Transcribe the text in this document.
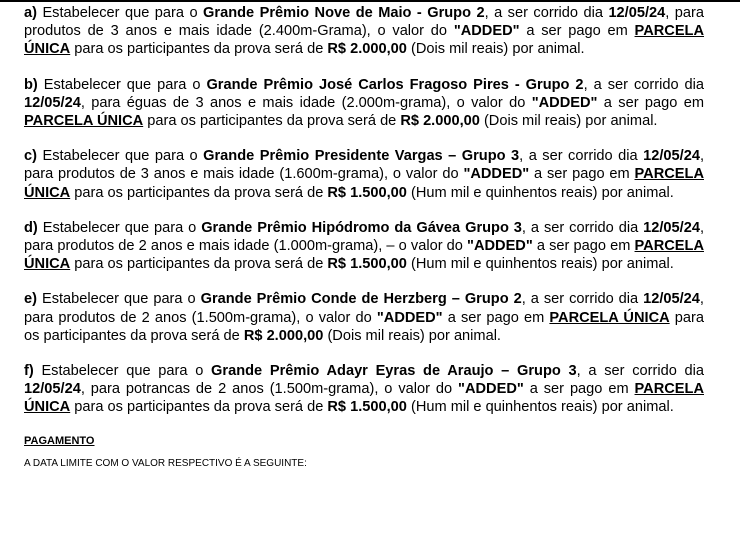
a) Estabelecer que para o Grande Prêmio Nove de Maio - Grupo 2, a ser corrido dia 12/05/24, para produtos de 3 anos e mais idade (2.400m-Grama), o valor do "ADDED" a ser pago em PARCELA ÚNICA para os participantes da prova será de R$ 2.000,00 (Dois mil reais) por animal.

b) Estabelecer que para o Grande Prêmio José Carlos Fragoso Pires - Grupo 2, a ser corrido dia 12/05/24, para éguas de 3 anos e mais idade (2.000m-grama), o valor do "ADDED" a ser pago em PARCELA ÚNICA para os participantes da prova será de R$ 2.000,00 (Dois mil reais) por animal.

c) Estabelecer que para o Grande Prêmio Presidente Vargas – Grupo 3, a ser corrido dia 12/05/24, para produtos de 3 anos e mais idade (1.600m-grama), o valor do "ADDED" a ser pago em PARCELA ÚNICA para os participantes da prova será de R$ 1.500,00 (Hum mil e quinhentos reais) por animal.

d) Estabelecer que para o Grande Prêmio Hipódromo da Gávea Grupo 3, a ser corrido dia 12/05/24, para produtos de 2 anos e mais idade (1.000m-grama), – o valor do "ADDED" a ser pago em PARCELA ÚNICA para os participantes da prova será de R$ 1.500,00 (Hum mil e quinhentos reais) por animal.

e) Estabelecer que para o Grande Prêmio Conde de Herzberg – Grupo 2, a ser corrido dia 12/05/24, para produtos de 2 anos (1.500m-grama), o valor do "ADDED" a ser pago em PARCELA ÚNICA para os participantes da prova será de R$ 2.000,00 (Dois mil reais) por animal.

f) Estabelecer que para o Grande Prêmio Adayr Eyras de Araujo – Grupo 3, a ser corrido dia 12/05/24, para potrancas de 2 anos (1.500m-grama), o valor do "ADDED" a ser pago em PARCELA ÚNICA para os participantes da prova será de R$ 1.500,00 (Hum mil e quinhentos reais) por animal.

PAGAMENTO

A DATA LIMITE COM O VALOR RESPECTIVO É A SEGUINTE:
